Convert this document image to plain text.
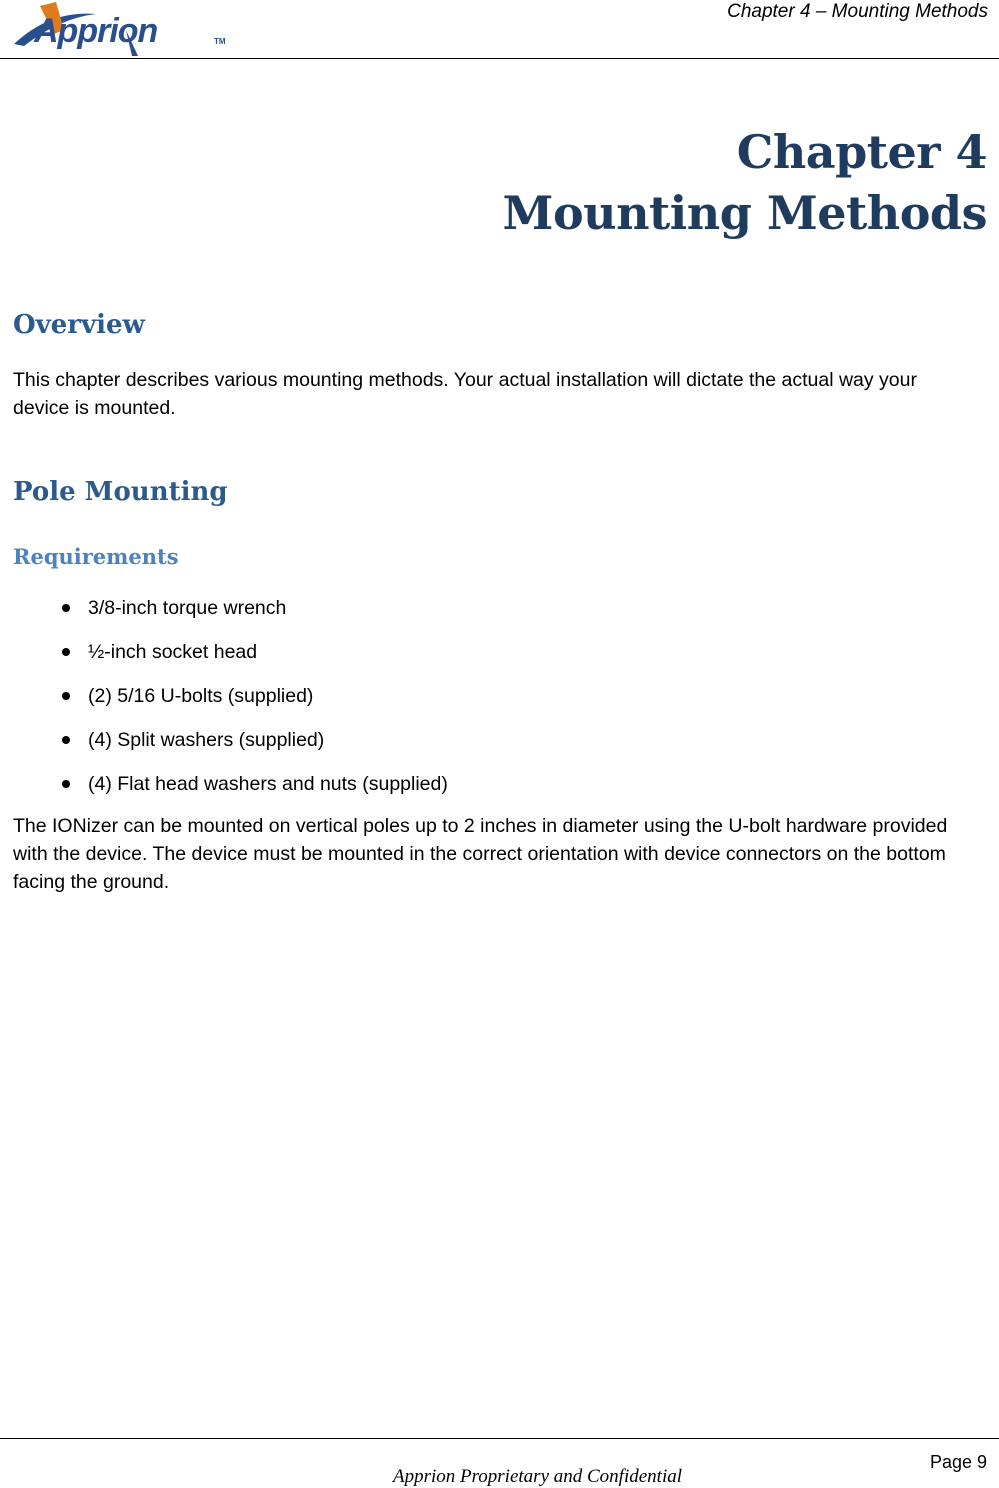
Apprion	TM
Chapter 4 – Mounting Methods
Chapter 4
Mounting Methods
Overview

This chapter describes various mounting methods. Your actual installation will dictate the actual way your device is mounted.

Pole Mounting
Requirements
3/8-inch torque wrench
½-inch socket head
(2) 5/16 U-bolts (supplied)
(4) Split washers (supplied)
(4) Flat head washers and nuts (supplied)

The IONizer can be mounted on vertical poles up to 2 inches in diameter using the U-bolt hardware provided with the device. The device must be mounted in the correct orientation with device connectors on the bottom facing the ground.

Page 9
Apprion Proprietary and Confidential
